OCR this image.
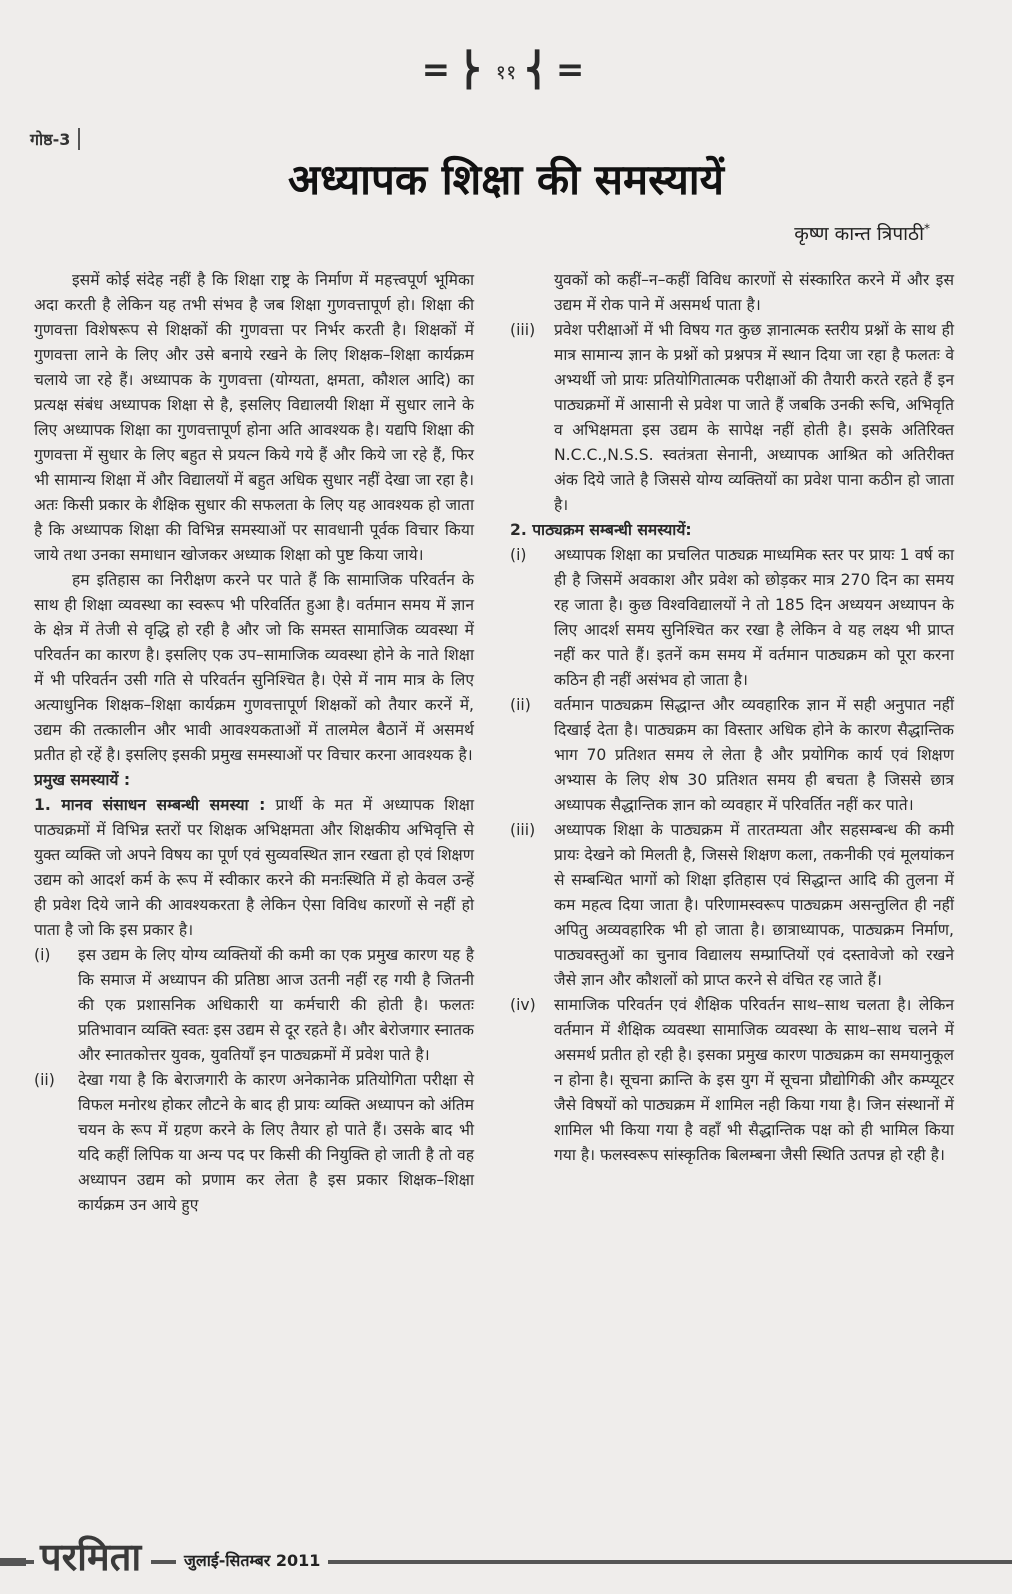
=⎬ ११ ⎨=
गोष्ठ-3
अध्यापक शिक्षा की समस्यायें
कृष्ण कान्त त्रिपाठी*

इसमें कोई संदेह नहीं है कि शिक्षा राष्ट्र के निर्माण में महत्त्वपूर्ण भूमिका अदा करती है लेकिन यह तभी संभव है जब शिक्षा गुणवत्तापूर्ण हो। शिक्षा की गुणवत्ता विशेषरूप से शिक्षकों की गुणवत्ता पर निर्भर करती है। शिक्षकों में गुणवत्ता लाने के लिए और उसे बनाये रखने के लिए शिक्षक–शिक्षा कार्यक्रम चलाये जा रहे हैं। अध्यापक के गुणवत्ता (योग्यता, क्षमता, कौशल आदि) का प्रत्यक्ष संबंध अध्यापक शिक्षा से है, इसलिए विद्यालयी शिक्षा में सुधार लाने के लिए अध्यापक शिक्षा का गुणवत्तापूर्ण होना अति आवश्यक है। यद्यपि शिक्षा की गुणवत्ता में सुधार के लिए बहुत से प्रयत्न किये गये हैं और किये जा रहे हैं, फिर भी सामान्य शिक्षा में और विद्यालयों में बहुत अधिक सुधार नहीं देखा जा रहा है। अतः किसी प्रकार के शैक्षिक सुधार की सफलता के लिए यह आवश्यक हो जाता है कि अध्यापक शिक्षा की विभिन्न समस्याओं पर सावधानी पूर्वक विचार किया जाये तथा उनका समाधान खोजकर अध्याक शिक्षा को पुष्ट किया जाये।

हम इतिहास का निरीक्षण करने पर पाते हैं कि सामाजिक परिवर्तन के साथ ही शिक्षा व्यवस्था का स्वरूप भी परिवर्तित हुआ है। वर्तमान समय में ज्ञान के क्षेत्र में तेजी से वृद्धि हो रही है और जो कि समस्त सामाजिक व्यवस्था में परिवर्तन का कारण है। इसलिए एक उप–सामाजिक व्यवस्था होने के नाते शिक्षा में भी परिवर्तन उसी गति से परिवर्तन सुनिश्चित है। ऐसे में नाम मात्र के लिए अत्याधुनिक शिक्षक–शिक्षा कार्यक्रम गुणवत्तापूर्ण शिक्षकों को तैयार करनें में, उद्यम की तत्कालीन और भावी आवश्यकताओं में तालमेल बैठानें में असमर्थ प्रतीत हो रहें है। इसलिए इसकी प्रमुख समस्याओं पर विचार करना आवश्यक है।

प्रमुख समस्यायें :

1. मानव संसाधन सम्बन्धी समस्या : प्रार्थी के मत में अध्यापक शिक्षा पाठ्यक्रमों में विभिन्न स्तरों पर शिक्षक अभिक्षमता और शिक्षकीय अभिवृत्ति से युक्त व्यक्ति जो अपने विषय का पूर्ण एवं सुव्यवस्थित ज्ञान रखता हो एवं शिक्षण उद्यम को आदर्श कर्म के रूप में स्वीकार करने की मनःस्थिति में हो केवल उन्हें ही प्रवेश दिये जाने की आवश्यकरता है लेकिन ऐसा विविध कारणों से नहीं हो पाता है जो कि इस प्रकार है।

(i)	इस उद्यम के लिए योग्य व्यक्तियों की कमी का एक प्रमुख कारण यह है कि समाज में अध्यापन की प्रतिष्ठा आज उतनी नहीं रह गयी है जितनी की एक प्रशासनिक अधिकारी या कर्मचारी की होती है। फलतः प्रतिभावान व्यक्ति स्वतः इस उद्यम से दूर रहते है। और बेरोजगार स्नातक और स्नातकोत्तर युवक, युवतियाँ इन पाठ्यक्रमों में प्रवेश पाते है।
(ii)	देखा गया है कि बेराजगारी के कारण अनेकानेक प्रतियोगिता परीक्षा से विफल मनोरथ होकर लौटने के बाद ही प्रायः व्यक्ति अध्यापन को अंतिम चयन के रूप में ग्रहण करने के लिए तैयार हो पाते हैं। उसके बाद भी यदि कहीं लिपिक या अन्य पद पर किसी की नियुक्ति हो जाती है तो वह अध्यापन उद्यम को प्रणाम कर लेता है इस प्रकार शिक्षक–शिक्षा कार्यक्रम उन आये हुए
युवकों को कहीं–न–कहीं विविध कारणों से संस्कारित करने में और इस उद्यम में रोक पाने में असमर्थ पाता है।
(iii)	प्रवेश परीक्षाओं में भी विषय गत कुछ ज्ञानात्मक स्तरीय प्रश्नों के साथ ही मात्र सामान्य ज्ञान के प्रश्नों को प्रश्नपत्र में स्थान दिया जा रहा है फलतः वे अभ्यर्थी जो प्रायः प्रतियोगितात्मक परीक्षाओं की तैयारी करते रहते हैं इन पाठ्यक्रमों में आसानी से प्रवेश पा जाते हैं जबकि उनकी रूचि, अभिवृति व अभिक्षमता इस उद्यम के सापेक्ष नहीं होती है। इसके अतिरिक्त N.C.C.,N.S.S. स्वतंत्रता सेनानी, अध्यापक आश्रित को अतिरीक्त अंक दिये जाते है जिससे योग्य व्यक्तियों का प्रवेश पाना कठीन हो जाता है।

2. पाठ्यक्रम सम्बन्धी समस्यायें:

(i)	अध्यापक शिक्षा का प्रचलित पाठ्यक्र माध्यमिक स्तर पर प्रायः 1 वर्ष का ही है जिसमें अवकाश और प्रवेश को छोड़कर मात्र 270 दिन का समय रह जाता है। कुछ विश्वविद्यालयों ने तो 185 दिन अध्ययन अध्यापन के लिए आदर्श समय सुनिश्चित कर रखा है लेकिन वे यह लक्ष्य भी प्राप्त नहीं कर पाते हैं। इतनें कम समय में वर्तमान पाठ्यक्रम को पूरा करना कठिन ही नहीं असंभव हो जाता है।
(ii)	वर्तमान पाठ्यक्रम सिद्धान्त और व्यवहारिक ज्ञान में सही अनुपात नहीं दिखाई देता है। पाठ्यक्रम का विस्तार अधिक होने के कारण सैद्धान्तिक भाग 70 प्रतिशत समय ले लेता है और प्रयोगिक कार्य एवं शिक्षण अभ्यास के लिए शेष 30 प्रतिशत समय ही बचता है जिससे छात्र अध्यापक सैद्धान्तिक ज्ञान को व्यवहार में परिवर्तित नहीं कर पाते।
(iii)	अध्यापक शिक्षा के पाठ्यक्रम में तारतम्यता और सहसम्बन्ध की कमी प्रायः देखने को मिलती है, जिससे शिक्षण कला, तकनीकी एवं मूलयांकन से सम्बन्धित भागों को शिक्षा इतिहास एवं सिद्धान्त आदि की तुलना में कम महत्व दिया जाता है। परिणामस्वरूप पाठ्यक्रम असन्तुलित ही नहीं अपितु अव्यवहारिक भी हो जाता है। छात्राध्यापक, पाठ्यक्रम निर्माण, पाठ्यवस्तुओं का चुनाव विद्यालय सम्प्राप्तियों एवं दस्तावेजो को रखने जैसे ज्ञान और कौशलों को प्राप्त करने से वंचित रह जाते हैं।
(iv)	सामाजिक परिवर्तन एवं शैक्षिक परिवर्तन साथ–साथ चलता है। लेकिन वर्तमान में शैक्षिक व्यवस्था सामाजिक व्यवस्था के साथ–साथ चलने में असमर्थ प्रतीत हो रही है। इसका प्रमुख कारण पाठ्यक्रम का समयानुकूल न होना है। सूचना क्रान्ति के इस युग में सूचना प्रौद्योगिकी और कम्प्यूटर जैसे विषयों को पाठ्यक्रम में शामिल नही किया गया है। जिन संस्थानों में शामिल भी किया गया है वहाँ भी सैद्धान्तिक पक्ष को ही भामिल किया गया है। फलस्वरूप सांस्कृतिक बिलम्बना जैसी स्थिति उतपन्न हो रही है।
परमिता	जुलाई-सितम्बर 2011
